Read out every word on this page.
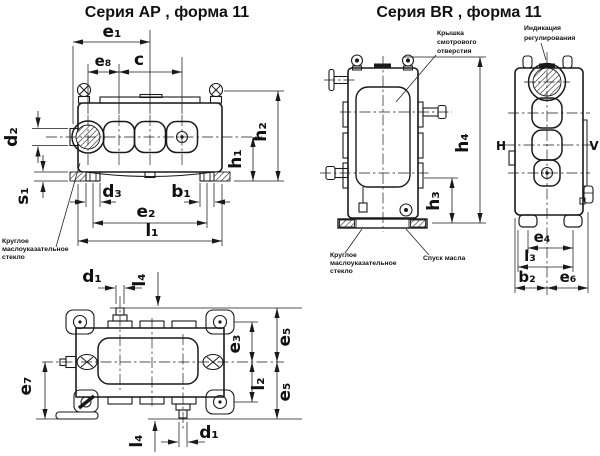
Серия АР , форма 11	Серия BR , форма 11
e₁
e₈ c
d₂
s₁	d₃	b₁
e₂
l₁
h₁
h₂
Круглое
маслоуказательное
стекло
d₁ l₄
e₃
l₂
e₅
e₅
e₇
l₄	d₁
h₄
h₃
Крышка
смотрового
отверстия
Индикация
регулирования
Круглое
маслоуказательное
стекло
Спуск масла
Н	V
e₄
l₃
b₂ e₆
